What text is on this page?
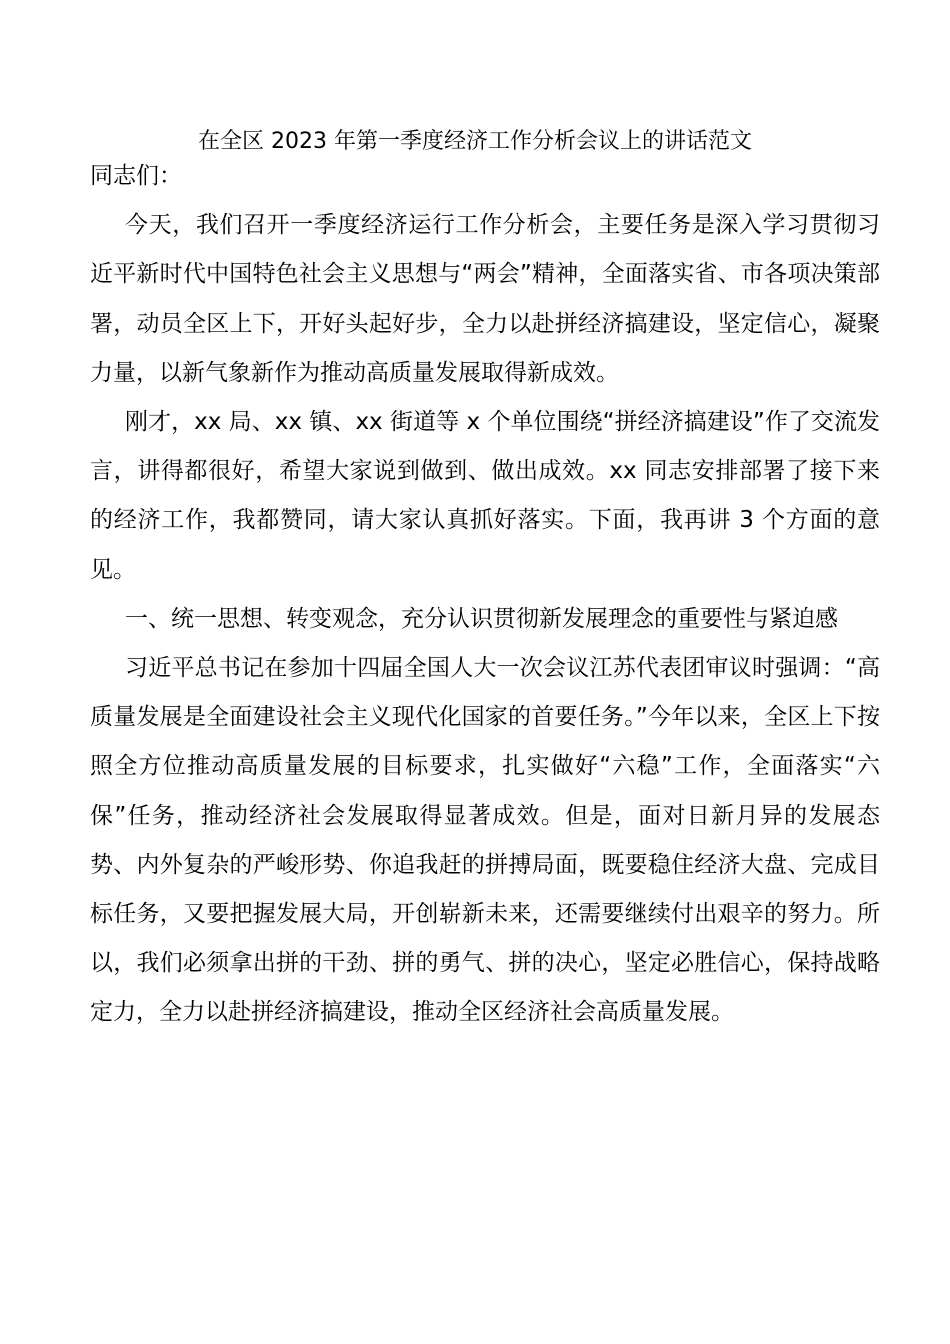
在全区 2023 年第一季度经济工作分析会议上的讲话范文

同志们：

今天，我们召开一季度经济运行工作分析会，主要任务是深入学习贯彻习近平新时代中国特色社会主义思想与“两会”精神，全面落实省、市各项决策部署，动员全区上下，开好头起好步，全力以赴拼经济搞建设，坚定信心，凝聚力量，以新气象新作为推动高质量发展取得新成效。

刚才，xx 局、xx 镇、xx 街道等 x 个单位围绕“拼经济搞建设”作了交流发言，讲得都很好，希望大家说到做到、做出成效。xx 同志安排部署了接下来的经济工作，我都赞同，请大家认真抓好落实。下面，我再讲 3 个方面的意见。

一、统一思想、转变观念，充分认识贯彻新发展理念的重要性与紧迫感

习近平总书记在参加十四届全国人大一次会议江苏代表团审议时强调：“高质量发展是全面建设社会主义现代化国家的首要任务。”今年以来，全区上下按照全方位推动高质量发展的目标要求，扎实做好“六稳”工作，全面落实“六保”任务，推动经济社会发展取得显著成效。但是，面对日新月异的发展态势、内外复杂的严峻形势、你追我赶的拼搏局面，既要稳住经济大盘、完成目标任务，又要把握发展大局，开创崭新未来，还需要继续付出艰辛的努力。所以，我们必须拿出拼的干劲、拼的勇气、拼的决心，坚定必胜信心，保持战略定力，全力以赴拼经济搞建设，推动全区经济社会高质量发展。
